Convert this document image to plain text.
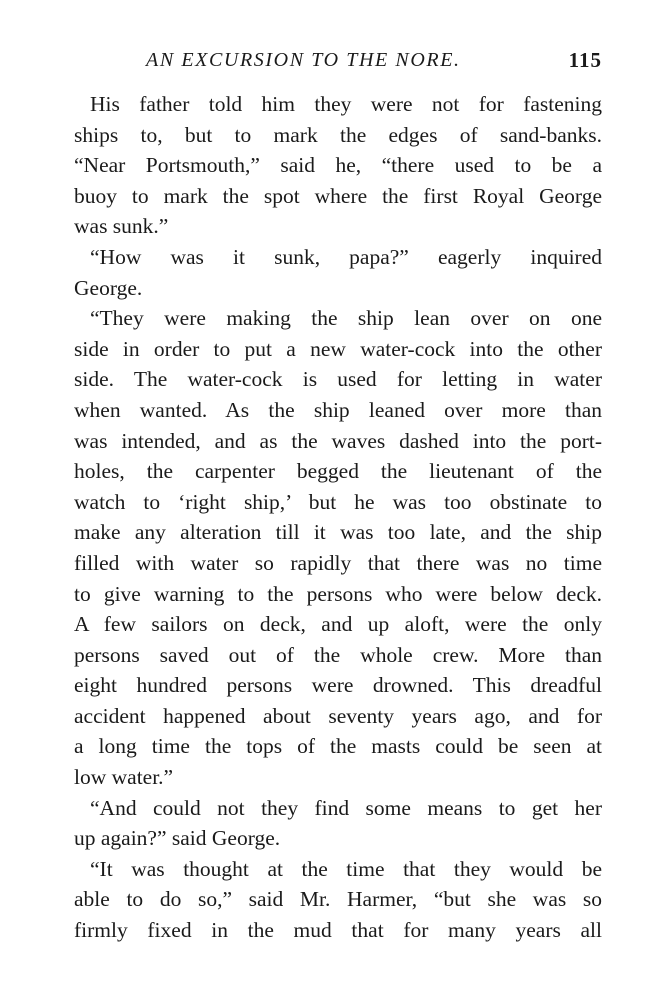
AN EXCURSION TO THE NORE.	115
His father told him they were not for fastening
ships to, but to mark the edges of sand-banks.
“Near Portsmouth,” said he, “there used to be a
buoy to mark the spot where the first Royal George
was sunk.”
“How was it sunk, papa?” eagerly inquired
George.
“They were making the ship lean over on one
side in order to put a new water-cock into the other
side. The water-cock is used for letting in water
when wanted. As the ship leaned over more than
was intended, and as the waves dashed into the port-
holes, the carpenter begged the lieutenant of the
watch to ‘right ship,’ but he was too obstinate to
make any alteration till it was too late, and the ship
filled with water so rapidly that there was no time
to give warning to the persons who were below deck.
A few sailors on deck, and up aloft, were the only
persons saved out of the whole crew. More than
eight hundred persons were drowned. This dreadful
accident happened about seventy years ago, and for
a long time the tops of the masts could be seen at
low water.”
“And could not they find some means to get her
up again?” said George.
“It was thought at the time that they would be
able to do so,” said Mr. Harmer, “but she was so
firmly fixed in the mud that for many years all
